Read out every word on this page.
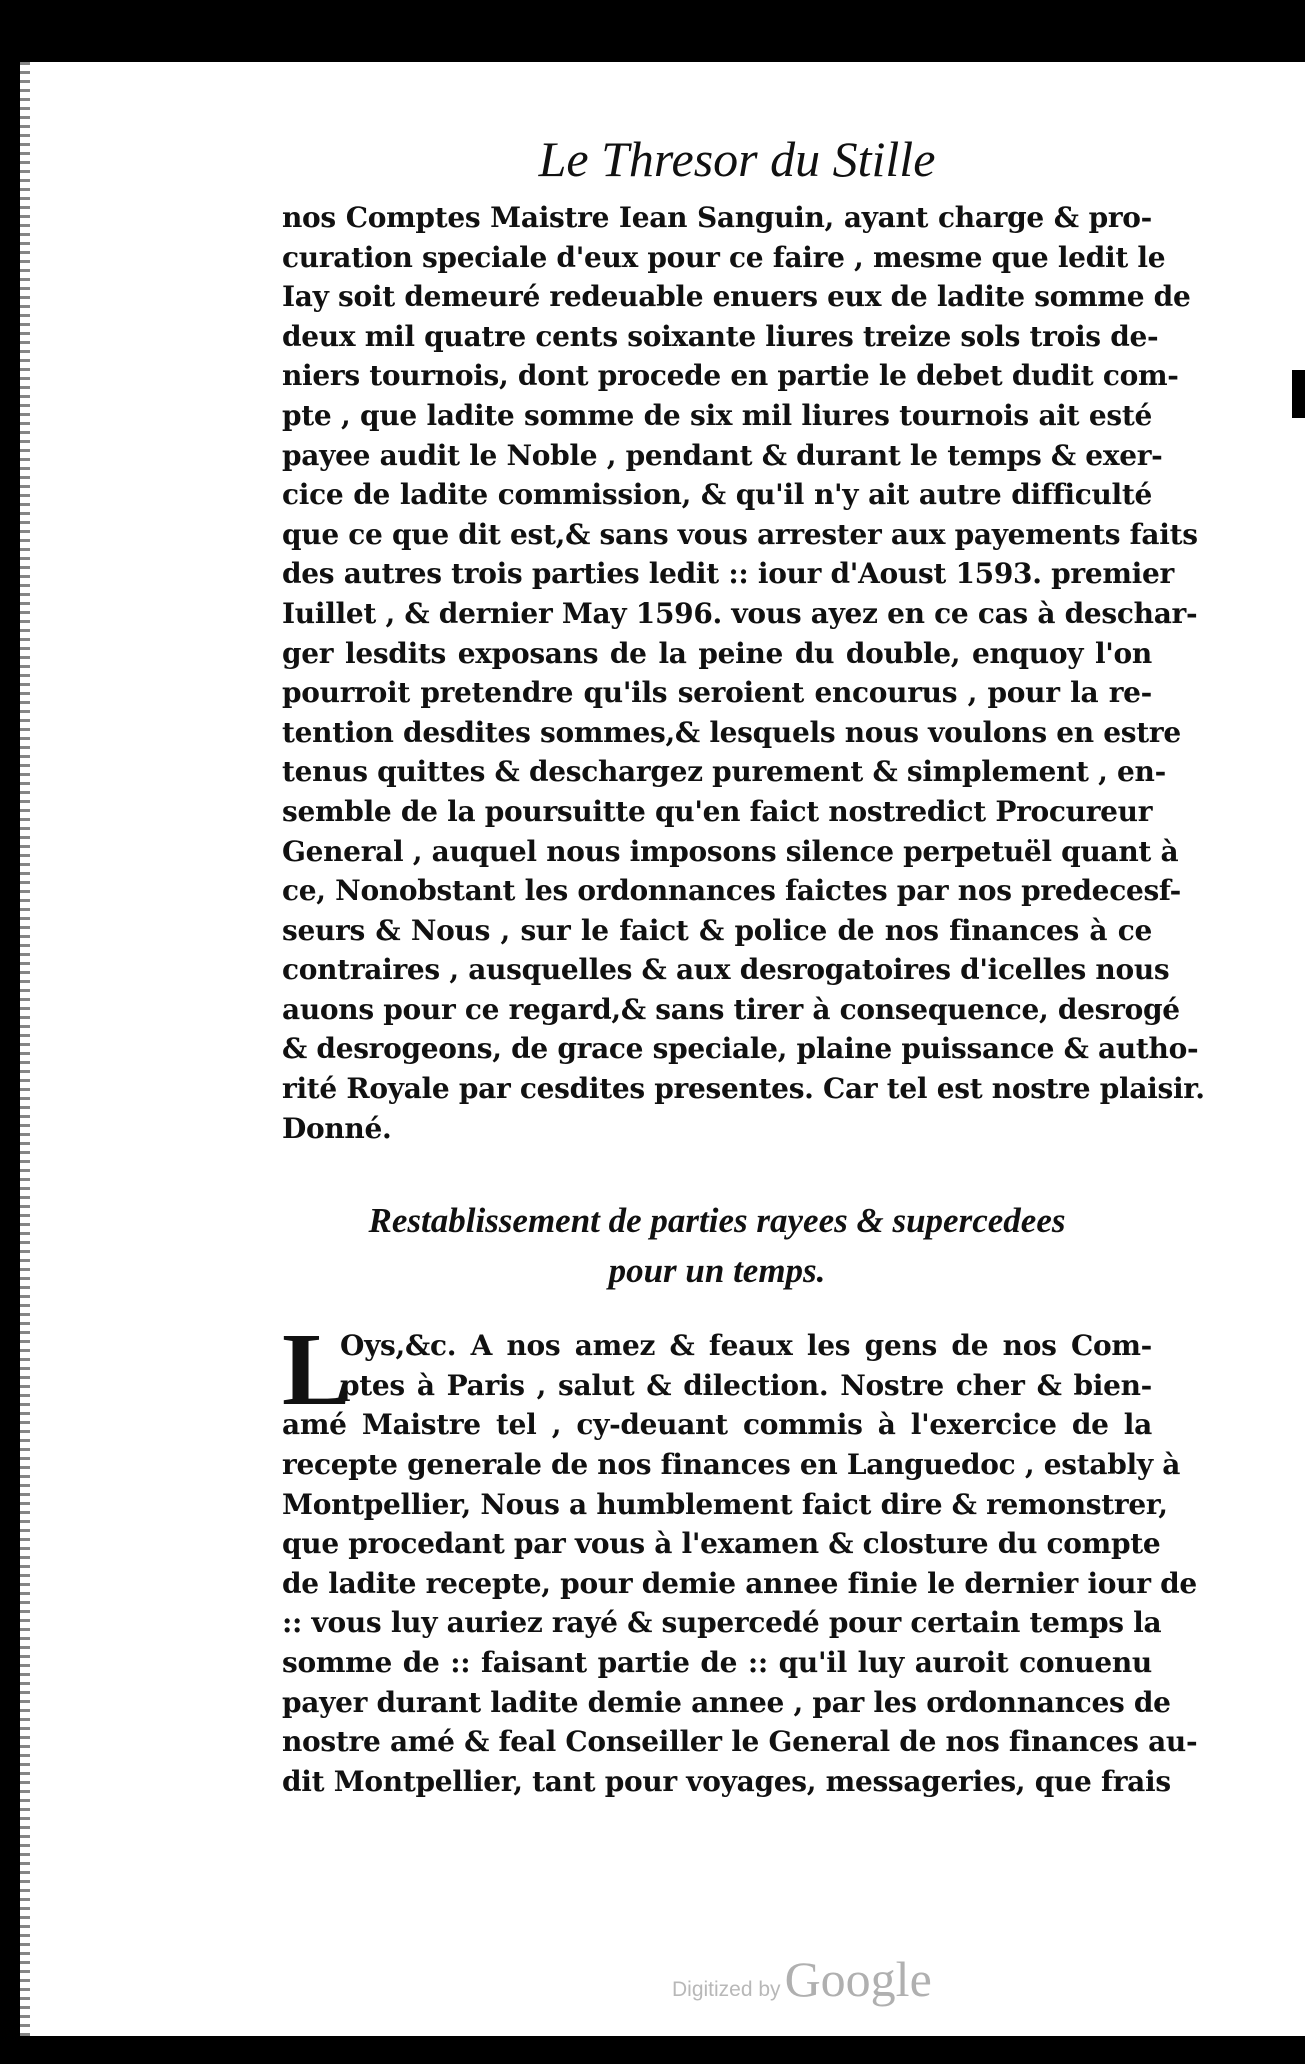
Le Thresor du Stille
nos Comptes Maistre Iean Sanguin, ayant charge & pro-
curation speciale d'eux pour ce faire , mesme que ledit le
Iay soit demeuré redeuable enuers eux de ladite somme de
deux mil quatre cents soixante liures treize sols trois de-
niers tournois, dont procede en partie le debet dudit com-
pte , que ladite somme de six mil liures tournois ait esté
payee audit le Noble , pendant & durant le temps & exer-
cice de ladite commission, & qu'il n'y ait autre difficulté
que ce que dit est,& sans vous arrester aux payements faits
des autres trois parties ledit :: iour d'Aoust 1593. premier
Iuillet , & dernier May 1596. vous ayez en ce cas à deschar-
ger lesdits exposans de la peine du double, enquoy l'on
pourroit pretendre qu'ils seroient encourus , pour la re-
tention desdites sommes,& lesquels nous voulons en estre
tenus quittes & deschargez purement & simplement , en-
semble de la poursuitte qu'en faict nostredict Procureur
General , auquel nous imposons silence perpetuël quant à
ce, Nonobstant les ordonnances faictes par nos predecesf-
seurs & Nous , sur le faict & police de nos finances à ce
contraires , ausquelles & aux desrogatoires d'icelles nous
auons pour ce regard,& sans tirer à consequence, desrogé
& desrogeons, de grace speciale, plaine puissance & autho-
rité Royale par cesdites presentes. Car tel est nostre plaisir.
Donné.
Restablissement de parties rayees & supercedees
pour un temps.
L
Oys,&c. A nos amez & feaux les gens de nos Com-
ptes à Paris , salut & dilection. Nostre cher & bien-
amé Maistre tel , cy-deuant commis à l'exercice de la
recepte generale de nos finances en Languedoc , estably à
Montpellier, Nous a humblement faict dire & remonstrer,
que procedant par vous à l'examen & closture du compte
de ladite recepte, pour demie annee finie le dernier iour de
:: vous luy auriez rayé & supercedé pour certain temps la
somme de :: faisant partie de :: qu'il luy auroit conuenu
payer durant ladite demie annee , par les ordonnances de
nostre amé & feal Conseiller le General de nos finances au-
dit Montpellier, tant pour voyages, messageries, que frais
Digitized by Google
